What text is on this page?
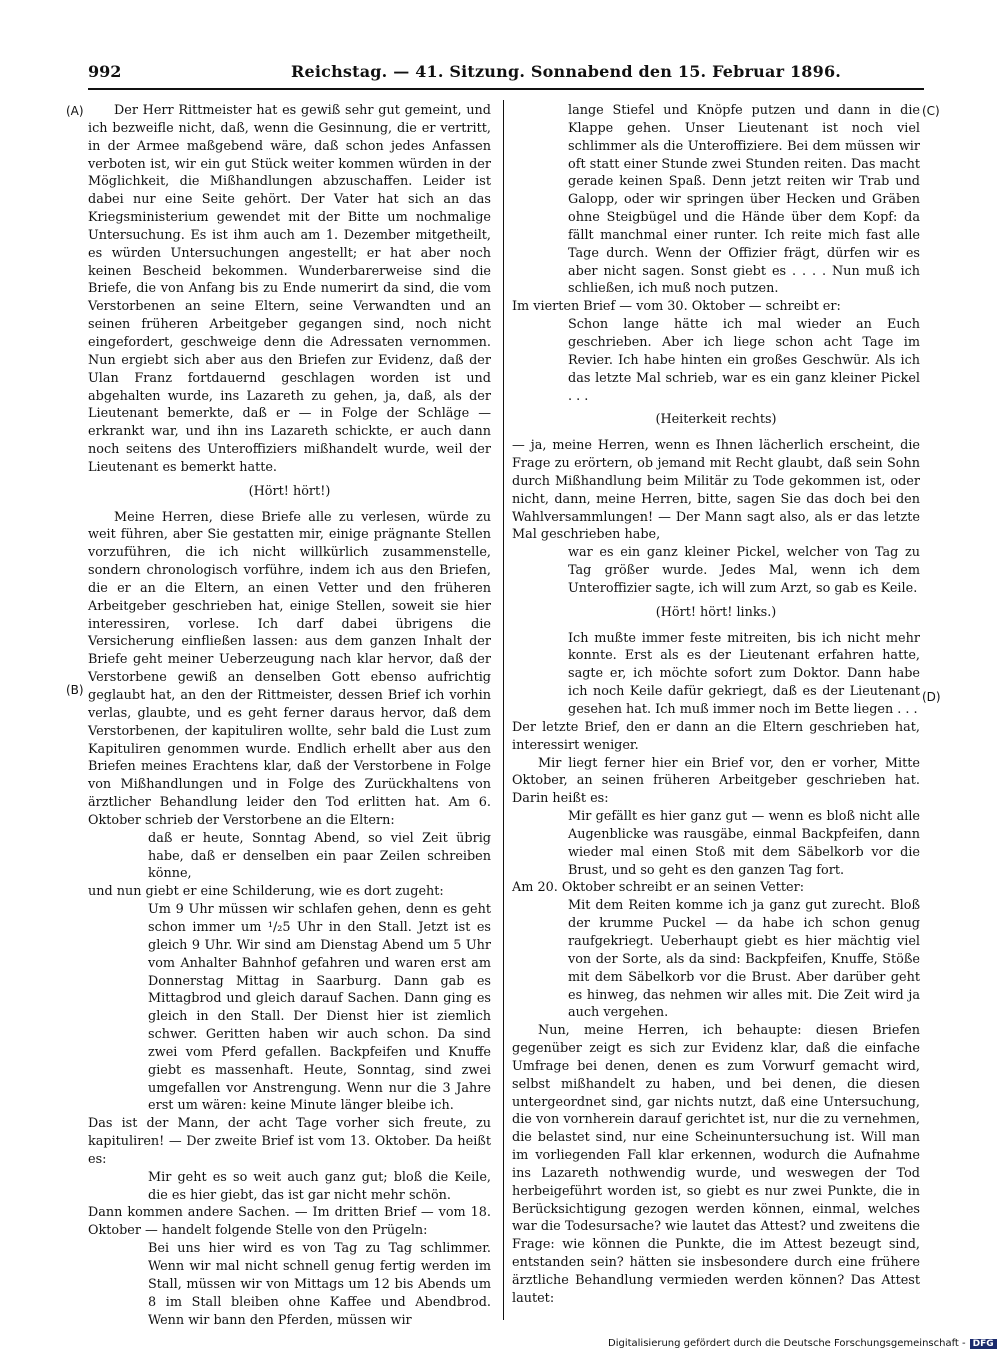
992	Reichstag. — 41. Sitzung. Sonnabend den 15. Februar 1896.
(A)
(B)
(C)
(D)

Der Herr Rittmeister hat es gewiß sehr gut gemeint, und ich bezweifle nicht, daß, wenn die Gesinnung, die er vertritt, in der Armee maßgebend wäre, daß schon jedes Anfassen verboten ist, wir ein gut Stück weiter kommen würden in der Möglichkeit, die Mißhandlungen abzuschaffen. Leider ist dabei nur eine Seite gehört. Der Vater hat sich an das Kriegsministerium gewendet mit der Bitte um nochmalige Untersuchung. Es ist ihm auch am 1. Dezember mitgetheilt, es würden Untersuchungen angestellt; er hat aber noch keinen Bescheid bekommen. Wunderbarerweise sind die Briefe, die von Anfang bis zu Ende numerirt da sind, die vom Verstorbenen an seine Eltern, seine Verwandten und an seinen früheren Arbeitgeber gegangen sind, noch nicht eingefordert, geschweige denn die Adressaten vernommen. Nun ergiebt sich aber aus den Briefen zur Evidenz, daß der Ulan Franz fortdauernd geschlagen worden ist und abgehalten wurde, ins Lazareth zu gehen, ja, daß, als der Lieutenant bemerkte, daß er — in Folge der Schläge — erkrankt war, und ihn ins Lazareth schickte, er auch dann noch seitens des Unteroffiziers mißhandelt wurde, weil der Lieutenant es bemerkt hatte.

(Hört! hört!)

Meine Herren, diese Briefe alle zu verlesen, würde zu weit führen, aber Sie gestatten mir, einige prägnante Stellen vorzuführen, die ich nicht willkürlich zusammenstelle, sondern chronologisch vorführe, indem ich aus den Briefen, die er an die Eltern, an einen Vetter und den früheren Arbeitgeber geschrieben hat, einige Stellen, soweit sie hier interessiren, vorlese. Ich darf dabei übrigens die Versicherung einfließen lassen: aus dem ganzen Inhalt der Briefe geht meiner Ueberzeugung nach klar hervor, daß der Verstorbene gewiß an denselben Gott ebenso aufrichtig geglaubt hat, an den der Rittmeister, dessen Brief ich vorhin verlas, glaubte, und es geht ferner daraus hervor, daß dem Verstorbenen, der kapituliren wollte, sehr bald die Lust zum Kapituliren genommen wurde. Endlich erhellt aber aus den Briefen meines Erachtens klar, daß der Verstorbene in Folge von Mißhandlungen und in Folge des Zurückhaltens von ärztlicher Behandlung leider den Tod erlitten hat. Am 6. Oktober schrieb der Verstorbene an die Eltern:

daß er heute, Sonntag Abend, so viel Zeit übrig habe, daß er denselben ein paar Zeilen schreiben könne,

und nun giebt er eine Schilderung, wie es dort zugeht:

Um 9 Uhr müssen wir schlafen gehen, denn es geht schon immer um ¹/₂5 Uhr in den Stall. Jetzt ist es gleich 9 Uhr. Wir sind am Dienstag Abend um 5 Uhr vom Anhalter Bahnhof gefahren und waren erst am Donnerstag Mittag in Saarburg. Dann gab es Mittagbrod und gleich darauf Sachen. Dann ging es gleich in den Stall. Der Dienst hier ist ziemlich schwer. Geritten haben wir auch schon. Da sind zwei vom Pferd gefallen. Backpfeifen und Knuffe giebt es massenhaft. Heute, Sonntag, sind zwei umgefallen vor Anstrengung. Wenn nur die 3 Jahre erst um wären: keine Minute länger bleibe ich.

Das ist der Mann, der acht Tage vorher sich freute, zu kapituliren! — Der zweite Brief ist vom 13. Oktober. Da heißt es:

Mir geht es so weit auch ganz gut; bloß die Keile, die es hier giebt, das ist gar nicht mehr schön.

Dann kommen andere Sachen. — Im dritten Brief — vom 18. Oktober — handelt folgende Stelle von den Prügeln:

Bei uns hier wird es von Tag zu Tag schlimmer. Wenn wir mal nicht schnell genug fertig werden im Stall, müssen wir von Mittags um 12 bis Abends um 8 im Stall bleiben ohne Kaffee und Abendbrod. Wenn wir bann den Pferden, müssen wir

lange Stiefel und Knöpfe putzen und dann in die Klappe gehen. Unser Lieutenant ist noch viel schlimmer als die Unteroffiziere. Bei dem müssen wir oft statt einer Stunde zwei Stunden reiten. Das macht gerade keinen Spaß. Denn jetzt reiten wir Trab und Galopp, oder wir springen über Hecken und Gräben ohne Steigbügel und die Hände über dem Kopf: da fällt manchmal einer runter. Ich reite mich fast alle Tage durch. Wenn der Offizier frägt, dürfen wir es aber nicht sagen. Sonst giebt es . . . . Nun muß ich schließen, ich muß noch putzen.

Im vierten Brief — vom 30. Oktober — schreibt er:

Schon lange hätte ich mal wieder an Euch geschrieben. Aber ich liege schon acht Tage im Revier. Ich habe hinten ein großes Geschwür. Als ich das letzte Mal schrieb, war es ein ganz kleiner Pickel . . .

(Heiterkeit rechts)

— ja, meine Herren, wenn es Ihnen lächerlich erscheint, die Frage zu erörtern, ob jemand mit Recht glaubt, daß sein Sohn durch Mißhandlung beim Militär zu Tode gekommen ist, oder nicht, dann, meine Herren, bitte, sagen Sie das doch bei den Wahlversammlungen! — Der Mann sagt also, als er das letzte Mal geschrieben habe,

war es ein ganz kleiner Pickel, welcher von Tag zu Tag größer wurde. Jedes Mal, wenn ich dem Unteroffizier sagte, ich will zum Arzt, so gab es Keile.

(Hört! hört! links.)

Ich mußte immer feste mitreiten, bis ich nicht mehr konnte. Erst als es der Lieutenant erfahren hatte, sagte er, ich möchte sofort zum Doktor. Dann habe ich noch Keile dafür gekriegt, daß es der Lieutenant gesehen hat. Ich muß immer noch im Bette liegen . . .

Der letzte Brief, den er dann an die Eltern geschrieben hat, interessirt weniger.

Mir liegt ferner hier ein Brief vor, den er vorher, Mitte Oktober, an seinen früheren Arbeitgeber geschrieben hat. Darin heißt es:

Mir gefällt es hier ganz gut — wenn es bloß nicht alle Augenblicke was rausgäbe, einmal Backpfeifen, dann wieder mal einen Stoß mit dem Säbelkorb vor die Brust, und so geht es den ganzen Tag fort.

Am 20. Oktober schreibt er an seinen Vetter:

Mit dem Reiten komme ich ja ganz gut zurecht. Bloß der krumme Puckel — da habe ich schon genug raufgekriegt. Ueberhaupt giebt es hier mächtig viel von der Sorte, als da sind: Backpfeifen, Knuffe, Stöße mit dem Säbelkorb vor die Brust. Aber darüber geht es hinweg, das nehmen wir alles mit. Die Zeit wird ja auch vergehen.

Nun, meine Herren, ich behaupte: diesen Briefen gegenüber zeigt es sich zur Evidenz klar, daß die einfache Umfrage bei denen, denen es zum Vorwurf gemacht wird, selbst mißhandelt zu haben, und bei denen, die diesen untergeordnet sind, gar nichts nutzt, daß eine Untersuchung, die von vornherein darauf gerichtet ist, nur die zu vernehmen, die belastet sind, nur eine Scheinuntersuchung ist. Will man im vorliegenden Fall klar erkennen, wodurch die Aufnahme ins Lazareth nothwendig wurde, und weswegen der Tod herbeigeführt worden ist, so giebt es nur zwei Punkte, die in Berücksichtigung gezogen werden können, einmal, welches war die Todesursache? wie lautet das Attest? und zweitens die Frage: wie können die Punkte, die im Attest bezeugt sind, entstanden sein? hätten sie insbesondere durch eine frühere ärztliche Behandlung vermieden werden können? Das Attest lautet:

Digitalisierung gefördert durch die Deutsche Forschungsgemeinschaft - DFG
